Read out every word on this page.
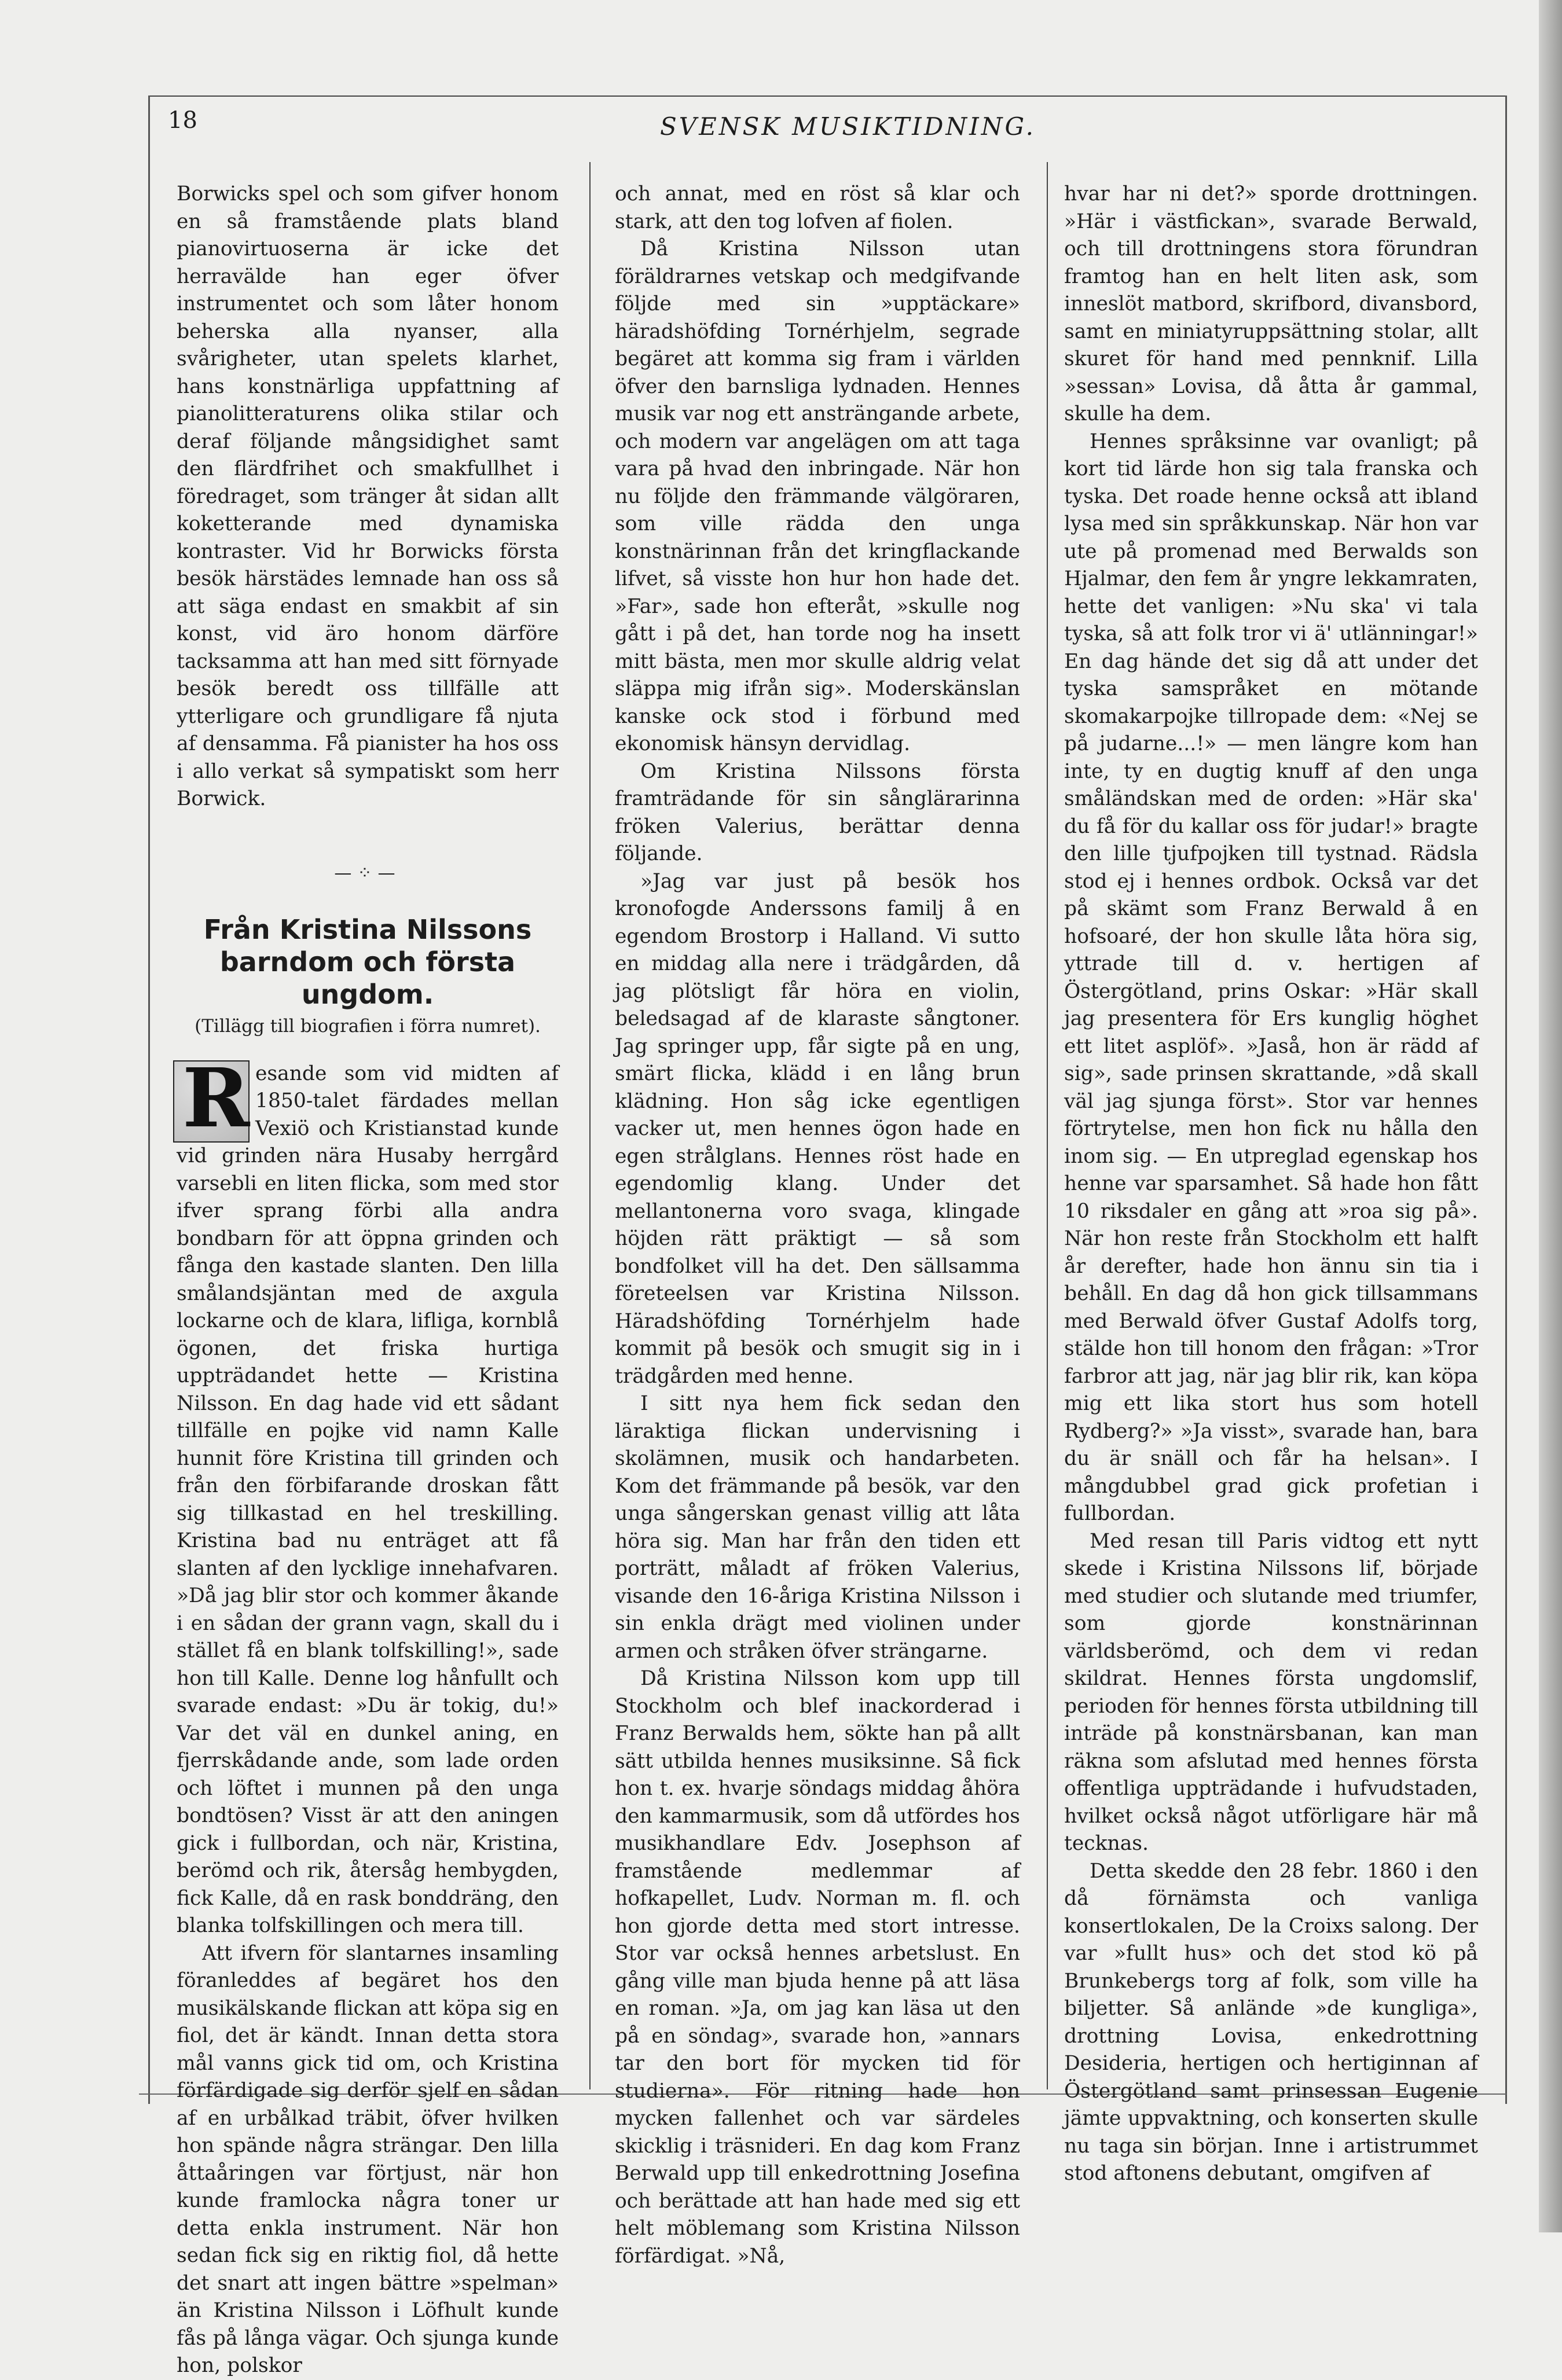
18	SVENSK MUSIKTIDNING.

Borwicks spel och som gifver honom en så framstående plats bland pianovirtuoserna är icke det herravälde han eger öfver instrumentet och som låter honom beherska alla nyanser, alla svårigheter, utan spelets klarhet, hans konstnärliga uppfattning af pianolitteraturens olika stilar och deraf följande mångsidighet samt den flärdfrihet och smakfullhet i föredraget, som tränger åt sidan allt koketterande med dynamiska kontraster. Vid hr Borwicks första besök härstädes lemnade han oss så att säga endast en smakbit af sin konst, vid äro honom därföre tacksamma att han med sitt förnyade besök beredt oss tillfälle att ytterligare och grundligare få njuta af densamma. Få pianister ha hos oss i allo verkat så sympatiskt som herr Borwick.

—⁘—
Från Kristina Nilssons barndom och första ungdom.
(Tillägg till biografien i förra numret).

R esande som vid midten af 1850-talet färdades mellan Vexiö och Kristianstad kunde vid grinden nära Husaby herrgård varsebli en liten flicka, som med stor ifver sprang förbi alla andra bondbarn för att öppna grinden och fånga den kastade slanten. Den lilla smålandsjäntan med de axgula lockarne och de klara, lifliga, kornblå ögonen, det friska hurtiga uppträdandet hette — Kristina Nilsson. En dag hade vid ett sådant tillfälle en pojke vid namn Kalle hunnit före Kristina till grinden och från den förbifarande droskan fått sig tillkastad en hel treskilling. Kristina bad nu enträget att få slanten af den lycklige innehafvaren. »Då jag blir stor och kommer åkande i en sådan der grann vagn, skall du i stället få en blank tolfskilling!», sade hon till Kalle. Denne log hånfullt och svarade endast: »Du är tokig, du!» Var det väl en dunkel aning, en fjerrskådande ande, som lade orden och löftet i munnen på den unga bondtösen? Visst är att den aningen gick i fullbordan, och när, Kristina, berömd och rik, återsåg hembygden, fick Kalle, då en rask bonddräng, den blanka tolfskillingen och mera till.

Att ifvern för slantarnes insamling föranleddes af begäret hos den musikälskande flickan att köpa sig en fiol, det är kändt. Innan detta stora mål vanns gick tid om, och Kristina förfärdigade sig derför sjelf en sådan af en urbålkad träbit, öfver hvilken hon spände några strängar. Den lilla åttaåringen var förtjust, när hon kunde framlocka några toner ur detta enkla instrument. När hon sedan fick sig en riktig fiol, då hette det snart att ingen bättre »spelman» än Kristina Nilsson i Löfhult kunde fås på långa vägar. Och sjunga kunde hon, polskor

och annat, med en röst så klar och stark, att den tog lofven af fiolen.

Då Kristina Nilsson utan föräldrarnes vetskap och medgifvande följde med sin »upptäckare» häradshöfding Tornérhjelm, segrade begäret att komma sig fram i världen öfver den barnsliga lydnaden. Hennes musik var nog ett ansträngande arbete, och modern var angelägen om att taga vara på hvad den inbringade. När hon nu följde den främmande välgöraren, som ville rädda den unga konstnärinnan från det kringflackande lifvet, så visste hon hur hon hade det. »Far», sade hon efteråt, »skulle nog gått i på det, han torde nog ha insett mitt bästa, men mor skulle aldrig velat släppa mig ifrån sig». Moderskänslan kanske ock stod i förbund med ekonomisk hänsyn dervidlag.

Om Kristina Nilssons första framträdande för sin sånglärarinna fröken Valerius, berättar denna följande.

»Jag var just på besök hos kronofogde Anderssons familj å en egendom Brostorp i Halland. Vi sutto en middag alla nere i trädgården, då jag plötsligt får höra en violin, beledsagad af de klaraste sångtoner. Jag springer upp, får sigte på en ung, smärt flicka, klädd i en lång brun klädning. Hon såg icke egentligen vacker ut, men hennes ögon hade en egen strålglans. Hennes röst hade en egendomlig klang. Under det mellantonerna voro svaga, klingade höjden rätt präktigt — så som bondfolket vill ha det. Den sällsamma företeelsen var Kristina Nilsson. Häradshöfding Tornérhjelm hade kommit på besök och smugit sig in i trädgården med henne.

I sitt nya hem fick sedan den läraktiga flickan undervisning i skolämnen, musik och handarbeten. Kom det främmande på besök, var den unga sångerskan genast villig att låta höra sig. Man har från den tiden ett porträtt, måladt af fröken Valerius, visande den 16-åriga Kristina Nilsson i sin enkla drägt med violinen under armen och stråken öfver strängarne.

Då Kristina Nilsson kom upp till Stockholm och blef inackorderad i Franz Berwalds hem, sökte han på allt sätt utbilda hennes musiksinne. Så fick hon t. ex. hvarje söndags middag åhöra den kammarmusik, som då utfördes hos musikhandlare Edv. Josephson af framstående medlemmar af hofkapellet, Ludv. Norman m. fl. och hon gjorde detta med stort intresse. Stor var också hennes arbetslust. En gång ville man bjuda henne på att läsa en roman. »Ja, om jag kan läsa ut den på en söndag», svarade hon, »annars tar den bort för mycken tid för studierna». För ritning hade hon mycken fallenhet och var särdeles skicklig i träsnideri. En dag kom Franz Berwald upp till enkedrottning Josefina och berättade att han hade med sig ett helt möblemang som Kristina Nilsson förfärdigat. »Nå,

hvar har ni det?» sporde drottningen. »Här i västfickan», svarade Berwald, och till drottningens stora förundran framtog han en helt liten ask, som inneslöt matbord, skrifbord, divansbord, samt en miniatyruppsättning stolar, allt skuret för hand med pennknif. Lilla »sessan» Lovisa, då åtta år gammal, skulle ha dem.

Hennes språksinne var ovanligt; på kort tid lärde hon sig tala franska och tyska. Det roade henne också att ibland lysa med sin språkkunskap. När hon var ute på promenad med Berwalds son Hjalmar, den fem år yngre lekkamraten, hette det vanligen: »Nu ska' vi tala tyska, så att folk tror vi ä' utlänningar!» En dag hände det sig då att under det tyska samspråket en mötande skomakarpojke tillropade dem: «Nej se på judarne...!» — men längre kom han inte, ty en dugtig knuff af den unga småländskan med de orden: »Här ska' du få för du kallar oss för judar!» bragte den lille tjufpojken till tystnad. Rädsla stod ej i hennes ordbok. Också var det på skämt som Franz Berwald å en hofsoaré, der hon skulle låta höra sig, yttrade till d. v. hertigen af Östergötland, prins Oskar: »Här skall jag presentera för Ers kunglig höghet ett litet asplöf». »Jaså, hon är rädd af sig», sade prinsen skrattande, »då skall väl jag sjunga först». Stor var hennes förtrytelse, men hon fick nu hålla den inom sig. — En utpreglad egenskap hos henne var sparsamhet. Så hade hon fått 10 riksdaler en gång att »roa sig på». När hon reste från Stockholm ett halft år derefter, hade hon ännu sin tia i behåll. En dag då hon gick tillsammans med Berwald öfver Gustaf Adolfs torg, stälde hon till honom den frågan: »Tror farbror att jag, när jag blir rik, kan köpa mig ett lika stort hus som hotell Rydberg?» »Ja visst», svarade han, bara du är snäll och får ha helsan». I mångdubbel grad gick profetian i fullbordan.

Med resan till Paris vidtog ett nytt skede i Kristina Nilssons lif, började med studier och slutande med triumfer, som gjorde konstnärinnan världsberömd, och dem vi redan skildrat. Hennes första ungdomslif, perioden för hennes första utbildning till inträde på konstnärsbanan, kan man räkna som afslutad med hennes första offentliga uppträdande i hufvudstaden, hvilket också något utförligare här må tecknas.

Detta skedde den 28 febr. 1860 i den då förnämsta och vanliga konsertlokalen, De la Croixs salong. Der var »fullt hus» och det stod kö på Brunkebergs torg af folk, som ville ha biljetter. Så anlände »de kungliga», drottning Lovisa, enkedrottning Desideria, hertigen och hertiginnan af Östergötland samt prinsessan Eugenie jämte uppvaktning, och konserten skulle nu taga sin början. Inne i artistrummet stod aftonens debutant, omgifven af
